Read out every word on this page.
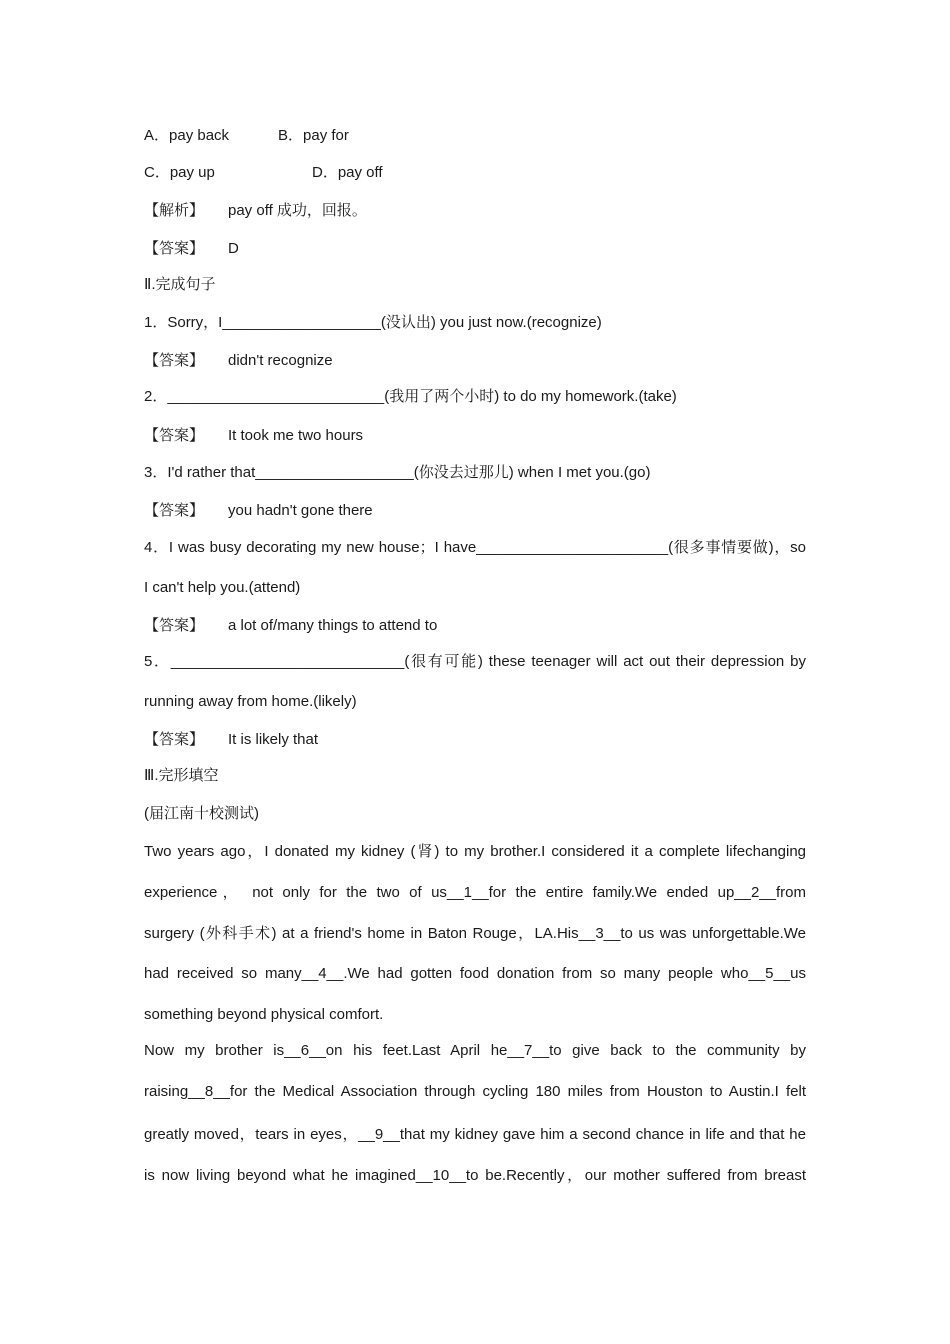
A．pay back	B．pay for
C．pay up	D．pay off
【解析】 pay off 成功，回报。
【答案】 D
Ⅱ.完成句子
1．Sorry，I___________________(没认出) you just now.(recognize)
【答案】 didn't recognize
2．__________________________(我用了两个小时) to do my homework.(take)
【答案】 It took me two hours
3．I'd rather that___________________(你没去过那儿) when I met you.(go)
【答案】 you hadn't gone there
4．I was busy decorating my new house；I have_______________________(很多事情要做)，so
I can't help you.(attend)
【答案】 a lot of/many things to attend to
5．____________________________(很有可能) these teenager will act out their depression by
running away from home.(likely)
【答案】 It is likely that
Ⅲ.完形填空
(届江南十校测试)
Two years ago，I donated my kidney (肾) to my brother.I considered it a complete lifechanging
experience， not only for the two of us__1__for the entire family.We ended up__2__from
surgery (外科手术) at a friend's home in Baton Rouge，LA.His__3__to us was unforgettable.We
had received so many__4__.We had gotten food donation from so many people who__5__us
something beyond physical comfort.
Now my brother is__6__on his feet.Last April he__7__to give back to the community by
raising__8__for the Medical Association through cycling 180 miles from Houston to Austin.I felt
greatly moved，tears in eyes，__9__that my kidney gave him a second chance in life and that he
is now living beyond what he imagined__10__to be.Recently，our mother suffered from breast
